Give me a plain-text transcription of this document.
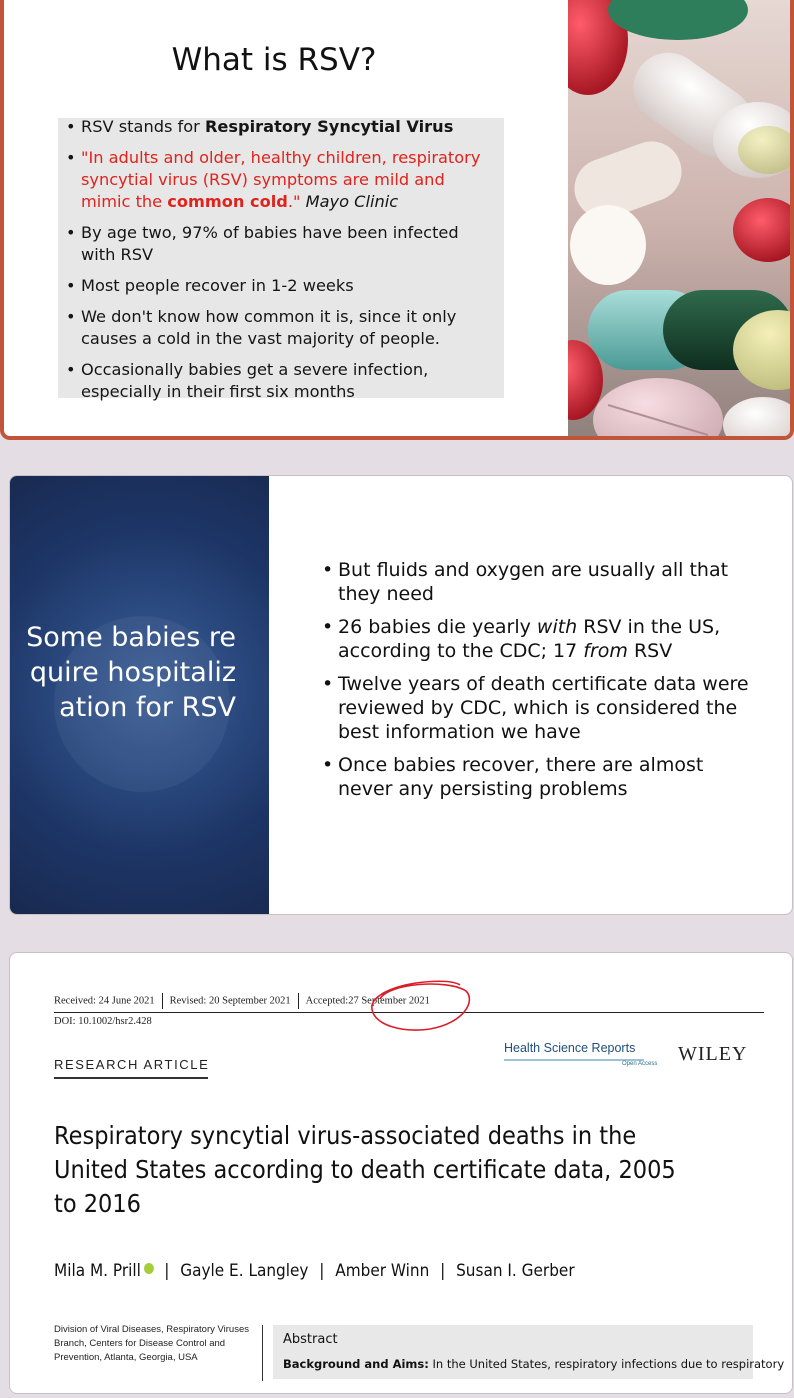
What is RSV?
• RSV stands for Respiratory Syncytial Virus
• "In adults and older, healthy children, respiratory syncytial virus (RSV) symptoms are mild and mimic the common cold." Mayo Clinic
• By age two, 97% of babies have been infected with RSV
• Most people recover in 1-2 weeks
• We don't know how common it is, since it only causes a cold in the vast majority of people.
• Occasionally babies get a severe infection, especially in their first six months
Some babies require hospitalization for RSV
• But fluids and oxygen are usually all that they need
• 26 babies die yearly with RSV in the US, according to the CDC; 17 from RSV
• Twelve years of death certificate data were reviewed by CDC, which is considered the best information we have
• Once babies recover, there are almost never any persisting problems
Received: 24 June 2021 Revised: 20 September 2021 Accepted:27 September 2021
DOI: 10.1002/hsr2.428
RESEARCH ARTICLE
Health Science Reports
Open Access WILEY
Respiratory syncytial virus-associated deaths in the United States according to death certificate data, 2005 to 2016
Mila M. Prill | Gayle E. Langley | Amber Winn | Susan I. Gerber
Division of Viral Diseases, Respiratory Viruses Branch, Centers for Disease Control and Prevention, Atlanta, Georgia, USA
Abstract
Background and Aims: In the United States, respiratory infections due to respiratory
